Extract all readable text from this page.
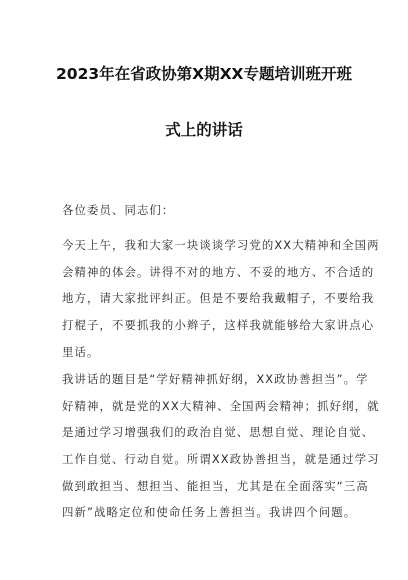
2023年在省政协第X期XX专题培训班开班
式上的讲话
各位委员、同志们：
今天上午，我和大家一块谈谈学习党的XX大精神和全国两
会精神的体会。讲得不对的地方、不妥的地方、不合适的
地方，请大家批评纠正。但是不要给我戴帽子，不要给我
打棍子，不要抓我的小辫子，这样我就能够给大家讲点心
里话。
我讲话的题目是“学好精神抓好纲，XX政协善担当”。学
好精神，就是党的XX大精神、全国两会精神；抓好纲，就
是通过学习增强我们的政治自觉、思想自觉、理论自觉、
工作自觉、行动自觉。所谓XX政协善担当，就是通过学习
做到敢担当、想担当、能担当，尤其是在全面落实“三高
四新”战略定位和使命任务上善担当。我讲四个问题。
